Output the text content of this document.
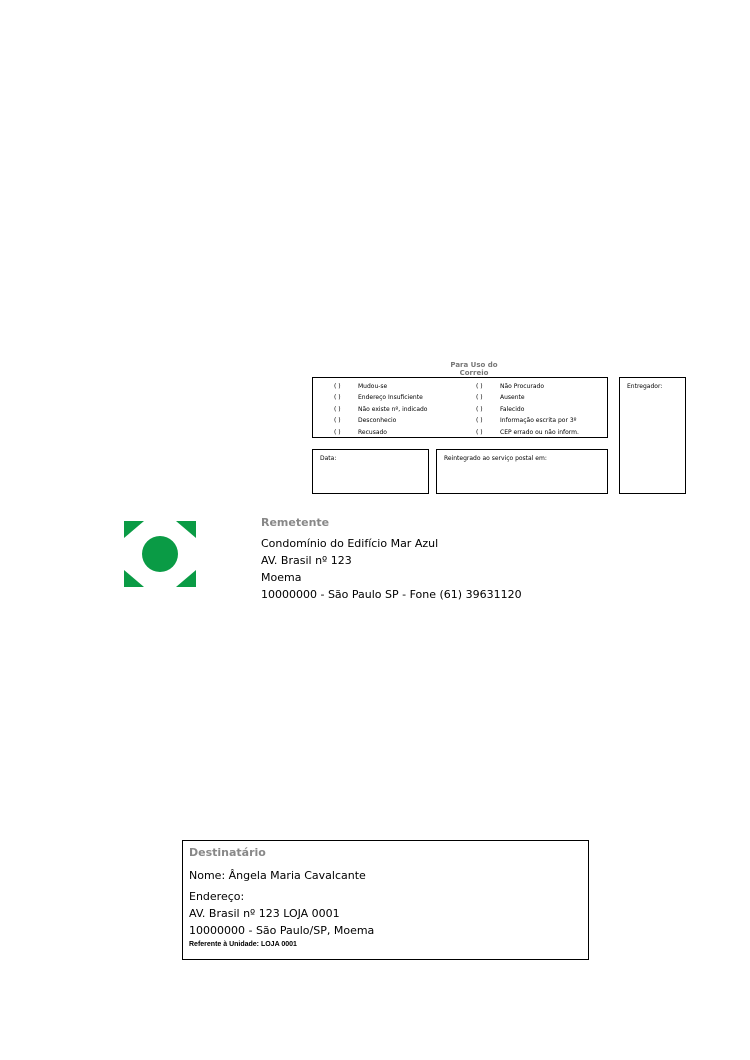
Para Uso do Correio
( )	Mudou-se
( )	Endereço Insuficiente
( )	Não existe nº, indicado
( )	Desconhecio
( )	Recusado
( )	Não Procurado
( )	Ausente
( )	Falecido
( )	Informação escrita por 3º
( )	CEP errado ou não inform.
Entregador:
Data:	Reintegrado ao serviço postal em:
Remetente
Condomínio do Edifício Mar Azul
AV. Brasil nº 123
Moema
10000000 - São Paulo SP - Fone (61) 39631120
Destinatário
Nome: Ângela Maria Cavalcante
Endereço:
AV. Brasil nº 123 LOJA 0001
10000000 - São Paulo/SP, Moema
Referente à Unidade: LOJA 0001
